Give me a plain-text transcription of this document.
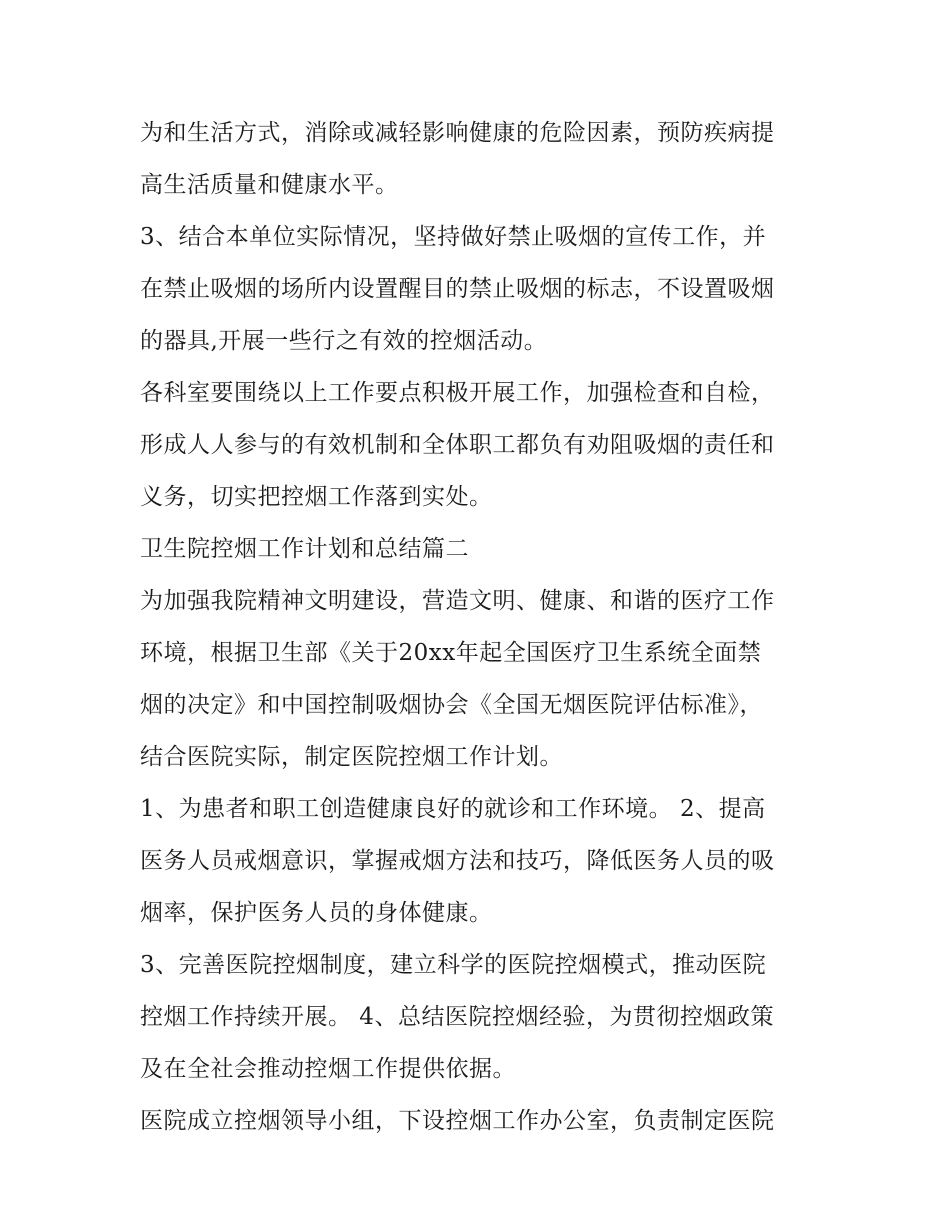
为和生活方式，消除或减轻影响健康的危险因素，预防疾病提
高生活质量和健康水平。
3、结合本单位实际情况，坚持做好禁止吸烟的宣传工作，并
在禁止吸烟的场所内设置醒目的禁止吸烟的标志，不设置吸烟
的器具,开展一些行之有效的控烟活动。
各科室要围绕以上工作要点积极开展工作，加强检查和自检，
形成人人参与的有效机制和全体职工都负有劝阻吸烟的责任和
义务，切实把控烟工作落到实处。
卫生院控烟工作计划和总结篇二
为加强我院精神文明建设，营造文明、健康、和谐的医疗工作
环境，根据卫生部《关于20xx年起全国医疗卫生系统全面禁
烟的决定》和中国控制吸烟协会《全国无烟医院评估标准》，
结合医院实际，制定医院控烟工作计划。
1、为患者和职工创造健康良好的就诊和工作环境。 2、提高
医务人员戒烟意识，掌握戒烟方法和技巧，降低医务人员的吸
烟率，保护医务人员的身体健康。
3、完善医院控烟制度，建立科学的医院控烟模式，推动医院
控烟工作持续开展。 4、总结医院控烟经验，为贯彻控烟政策
及在全社会推动控烟工作提供依据。
医院成立控烟领导小组，下设控烟工作办公室，负责制定医院
